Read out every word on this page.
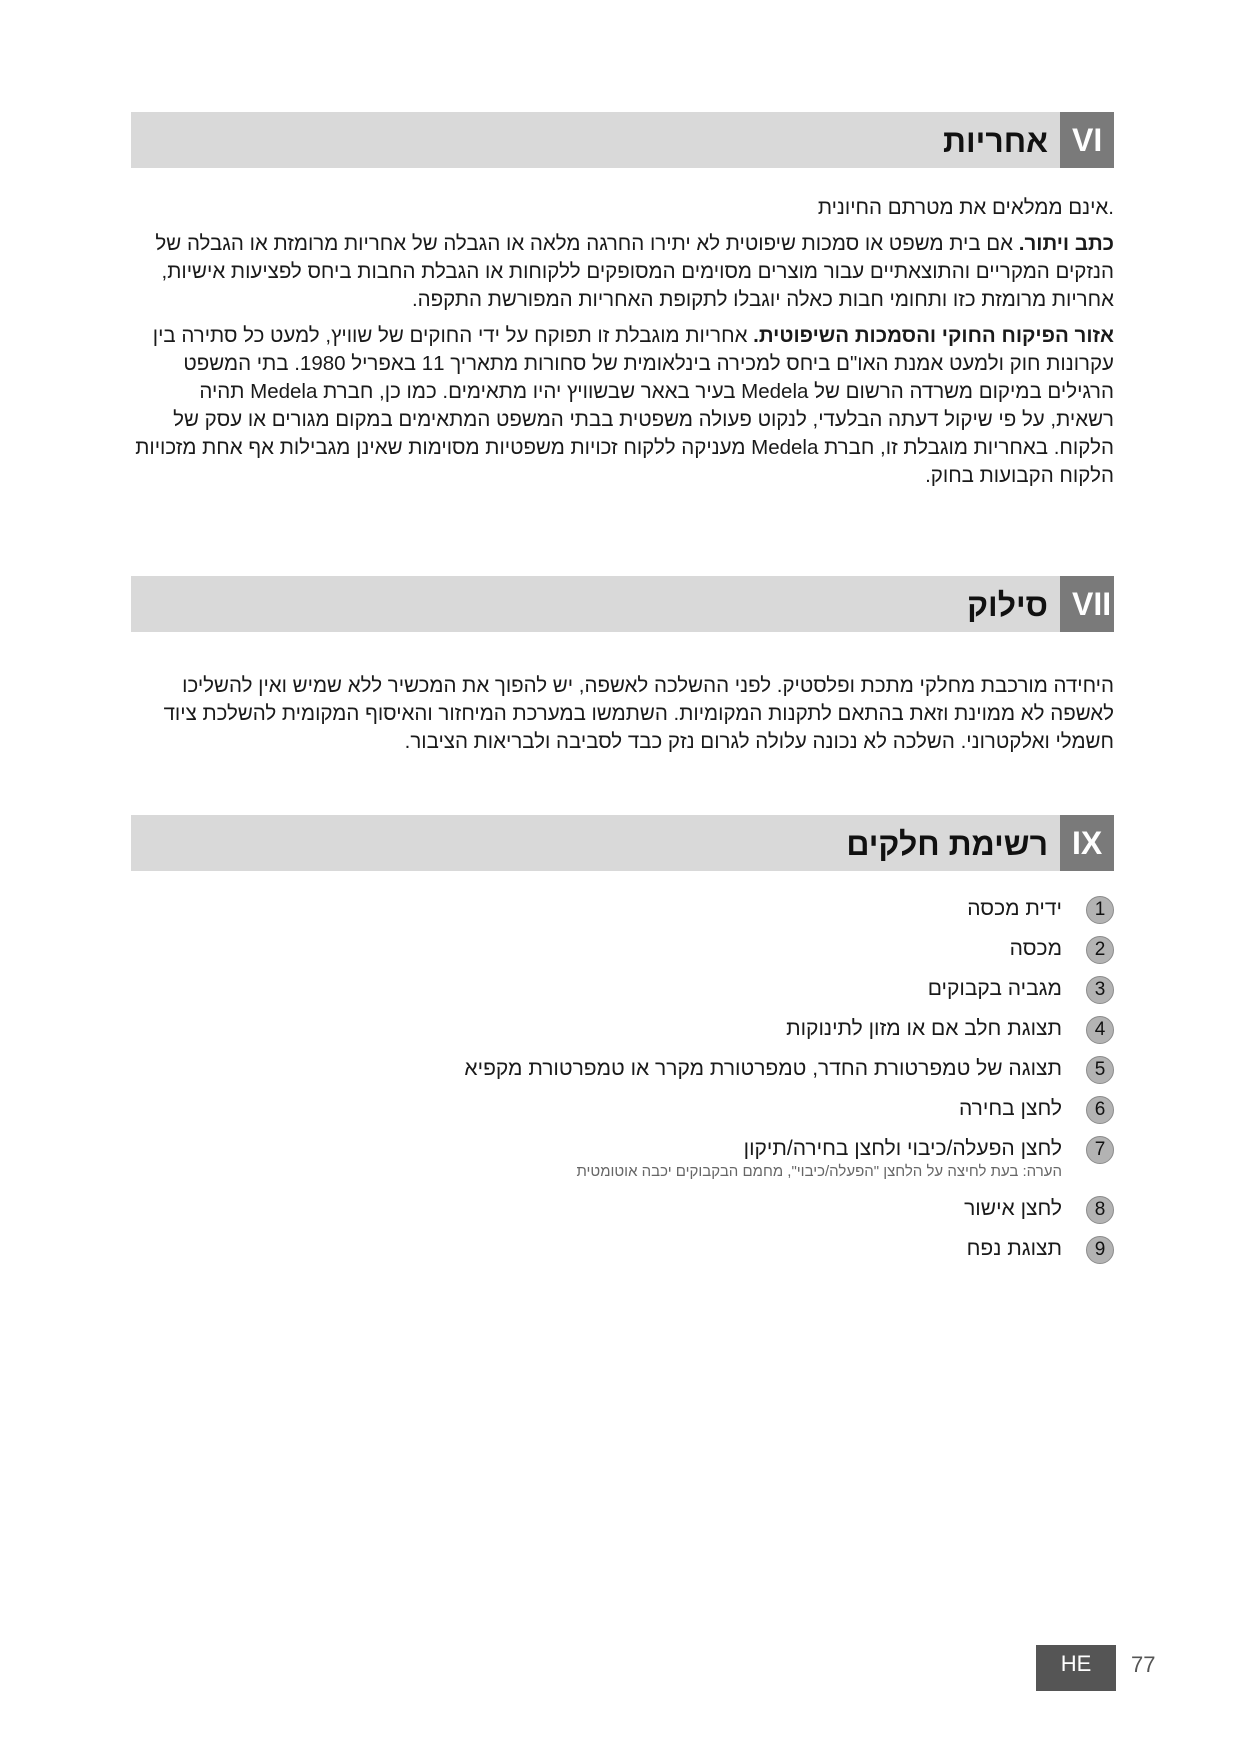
אחריות VI

.אינם ממלאים את מטרתם החיונית

כתב ויתור. אם בית משפט או סמכות שיפוטית לא יתירו החרגה מלאה או הגבלה של אחריות מרומזת או הגבלה של הנזקים המקריים והתוצאתיים עבור מוצרים מסוימים המסופקים ללקוחות או הגבלת החבות ביחס לפציעות אישיות, אחריות מרומזת כזו ותחומי חבות כאלה יוגבלו לתקופת האחריות המפורשת התקפה.

אזור הפיקוח החוקי והסמכות השיפוטית. אחריות מוגבלת זו תפוקח על ידי החוקים של שוויץ, למעט כל סתירה בין עקרונות חוק ולמעט אמנת האו"ם ביחס למכירה בינלאומית של סחורות מתאריך 11 באפריל 1980. בתי המשפט הרגילים במיקום משרדה הרשום של Medela בעיר באאר שבשוויץ יהיו מתאימים. כמו כן, חברת Medela תהיה רשאית, על פי שיקול דעתה הבלעדי, לנקוט פעולה משפטית בבתי המשפט המתאימים במקום מגורים או עסק של הלקוח. באחריות מוגבלת זו, חברת Medela מעניקה ללקוח זכויות משפטיות מסוימות שאינן מגבילות אף אחת מזכויות הלקוח הקבועות בחוק.

סילוק VII

היחידה מורכבת מחלקי מתכת ופלסטיק. לפני ההשלכה לאשפה, יש להפוך את המכשיר ללא שמיש ואין להשליכו לאשפה לא ממוינת וזאת בהתאם לתקנות המקומיות. השתמשו במערכת המיחזור והאיסוף המקומית להשלכת ציוד חשמלי ואלקטרוני. השלכה לא נכונה עלולה לגרום נזק כבד לסביבה ולבריאות הציבור.

רשימת חלקים IX
1
ידית מכסה
2
מכסה
3
מגביה בקבוקים
4
תצוגת חלב אם או מזון לתינוקות
5
תצוגה של טמפרטורת החדר, טמפרטורת מקרר או טמפרטורת מקפיא
6
לחצן בחירה
7
לחצן הפעלה/כיבוי ולחצן בחירה/תיקון
הערה: בעת לחיצה על הלחצן "הפעלה/כיבוי", מחמם הבקבוקים יכבה אוטומטית
8
לחצן אישור
9
תצוגת נפח
HE	77
